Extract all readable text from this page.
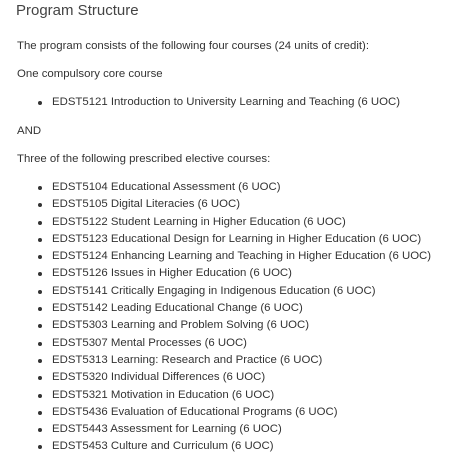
Program Structure

The program consists of the following four courses (24 units of credit):

One compulsory core course

EDST5121 Introduction to University Learning and Teaching (6 UOC)

AND

Three of the following prescribed elective courses:

EDST5104 Educational Assessment (6 UOC)
EDST5105 Digital Literacies (6 UOC)
EDST5122 Student Learning in Higher Education (6 UOC)
EDST5123 Educational Design for Learning in Higher Education (6 UOC)
EDST5124 Enhancing Learning and Teaching in Higher Education (6 UOC)
EDST5126 Issues in Higher Education (6 UOC)
EDST5141 Critically Engaging in Indigenous Education (6 UOC)
EDST5142 Leading Educational Change (6 UOC)
EDST5303 Learning and Problem Solving (6 UOC)
EDST5307 Mental Processes (6 UOC)
EDST5313 Learning: Research and Practice (6 UOC)
EDST5320 Individual Differences (6 UOC)
EDST5321 Motivation in Education (6 UOC)
EDST5436 Evaluation of Educational Programs (6 UOC)
EDST5443 Assessment for Learning (6 UOC)
EDST5453 Culture and Curriculum (6 UOC)
